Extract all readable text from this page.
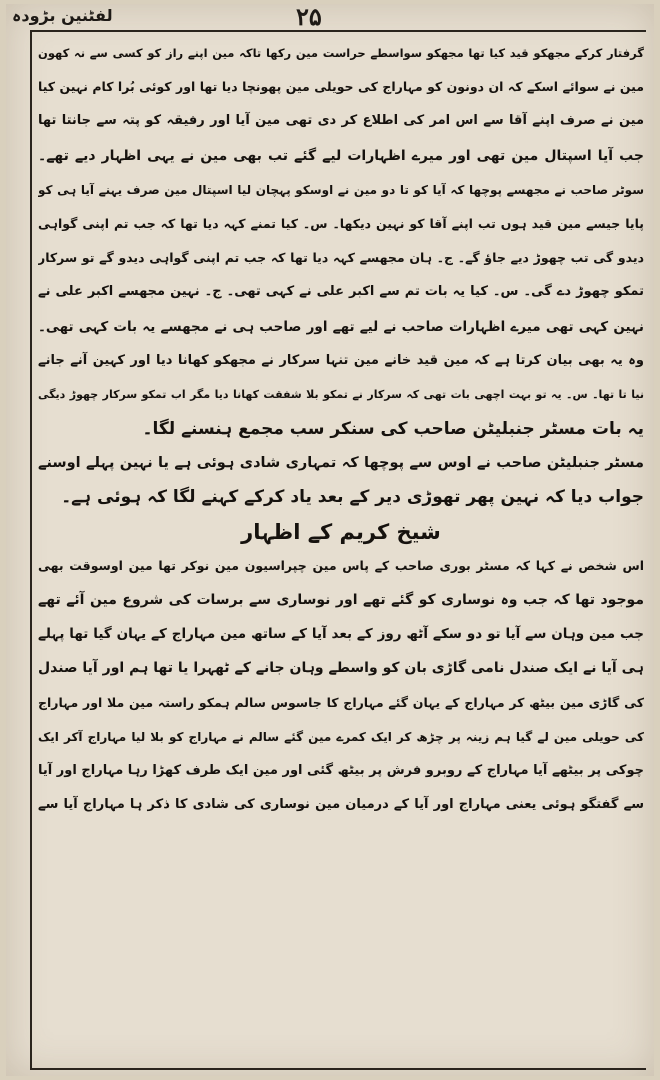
لفٹنین بڑودہ	۲۵
گرفتار کرکے مجھکو قید کیا تھا مجھکو سواسطے حراست مین رکھا تاکہ مین اپنے راز کو کسی سے نہ کھون
مین نے سوائے اسکے کہ ان دونون کو مہاراج کی حویلی مین پھونچا دیا تھا اور کوئی بُرا کام نہین کیا
مین نے صرف اپنے آقا سے اس امر کی اطلاع کر دی تھی مین آیا اور رفیقہ کو پتہ سے جانتا تھا
جب آیا اسپتال مین تھی اور میرے اظہارات لیے گئے تب بھی مین نے یہی اظہار دیے تھے۔
سوٹر صاحب نے مجھسے پوچھا کہ آیا کو تا دو مین نے اوسکو پہچان لیا اسپتال مین صرف یہنے آیا ہی کو
پایا جیسے مین قید ہوں تب اپنے آقا کو نہین دیکھا۔ س۔ کیا تمنے کہہ دیا تھا کہ جب تم اپنی گواہی
دیدو گی تب چھوڑ دیے جاؤ گے۔ ج۔ ہان مجھسے کہہ دیا تھا کہ جب تم اپنی گواہی دیدو گے تو سرکار
تمکو چھوڑ دے گی۔ س۔ کیا یہ بات تم سے اکبر علی نے کہی تھی۔ ج۔ نہین مجھسے اکبر علی نے
نہین کہی تھی میرے اظہارات صاحب نے لیے تھے اور صاحب ہی نے مجھسے یہ بات کہی تھی۔
وہ یہ بھی بیان کرتا ہے کہ مین قید خانے مین تنہا سرکار نے مجھکو کھانا دیا اور کہین آنے جانے
نیا تا تھا۔ س۔ یہ تو بہت اچھی بات تھی کہ سرکار نے تمکو بلا شفقت کھانا دیا مگر اب تمکو سرکار چھوڑ دیگی
یہ بات مسٹر جنبلیٹن صاحب کی سنکر سب مجمع ہنسنے لگا۔
مسٹر جنبلیٹن صاحب نے اوس سے پوچھا کہ تمہاری شادی ہوئی ہے یا نہین پہلے اوسنے
جواب دیا کہ نہین پھر تھوڑی دیر کے بعد یاد کرکے کہنے لگا کہ ہوئی ہے۔
شیخ کریم کے اظہار
اس شخص نے کہا کہ مسٹر بوری صاحب کے پاس مین چپراسیون مین نوکر تھا مین اوسوقت بھی
موجود تھا کہ جب وہ نوساری کو گئے تھے اور نوساری سے برسات کی شروع مین آئے تھے
جب مین وہان سے آیا تو دو سکے آٹھ روز کے بعد آیا کے ساتھ مین مہاراج کے یہان گیا تھا پہلے
ہی آیا نے ایک صندل نامی گاڑی بان کو واسطے وہان جانے کے ٹھہرا یا تھا ہم اور آیا صندل
کی گاڑی مین بیٹھ کر مہاراج کے یہان گئے مہاراج کا جاسوس سالم ہمکو راستہ مین ملا اور مہاراج
کی حویلی مین لے گیا ہم زینہ پر چڑھ کر ایک کمرے مین گئے سالم نے مہاراج کو بلا لیا مہاراج آکر ایک
چوکی پر بیٹھے آیا مہاراج کے روبرو فرش پر بیٹھ گئی اور مین ایک طرف کھڑا رہا مہاراج اور آیا
سے گفتگو ہوئی یعنی مہاراج اور آیا کے درمیان مین نوساری کی شادی کا ذکر ہا مہاراج آیا سے
